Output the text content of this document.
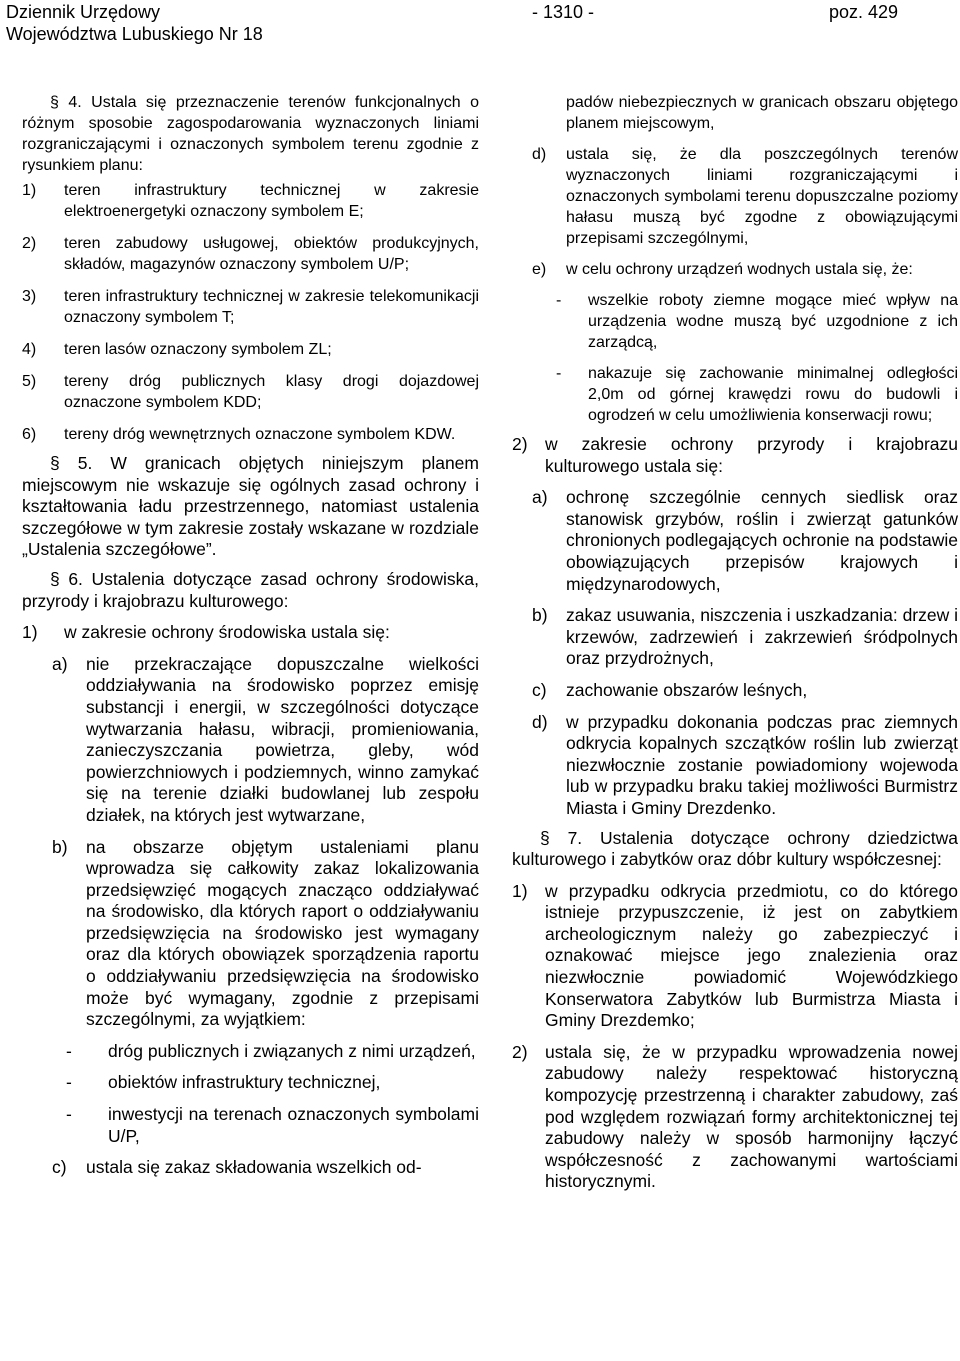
Dziennik Urzędowy
Województwa Lubuskiego Nr 18
- 1310 -	poz. 429

§ 4. Ustala się przeznaczenie terenów funkcjonalnych o różnym sposobie zagospodarowania wyznaczonych liniami rozgraniczającymi i oznaczonych symbolem terenu zgodnie z rysunkiem planu:

1)	teren infrastruktury technicznej w zakresie elektroenergetyki oznaczony symbolem E;
2)	teren zabudowy usługowej, obiektów produkcyjnych, składów, magazynów oznaczony symbolem U/P;
3)	teren infrastruktury technicznej w zakresie telekomunikacji oznaczony symbolem T;
4)	teren lasów oznaczony symbolem ZL;
5)	tereny dróg publicznych klasy drogi dojazdowej oznaczone symbolem KDD;
6)	tereny dróg wewnętrznych oznaczone symbolem KDW.

§ 5. W granicach objętych niniejszym planem miejscowym nie wskazuje się ogólnych zasad ochrony i kształtowania ładu przestrzennego, natomiast ustalenia szczegółowe w tym zakresie zostały wskazane w rozdziale „Ustalenia szczegółowe”.

§ 6. Ustalenia dotyczące zasad ochrony środowiska, przyrody i krajobrazu kulturowego:

1)	w zakresie ochrony środowiska ustala się:
a)	nie przekraczające dopuszczalne wielkości oddziaływania na środowisko poprzez emisję substancji i energii, w szczególności dotyczące wytwarzania hałasu, wibracji, promieniowania, zanieczyszczania powietrza, gleby, wód powierzchniowych i podziemnych, winno zamykać się na terenie działki budowlanej lub zespołu działek, na których jest wytwarzane,
b)	na obszarze objętym ustaleniami planu wprowadza się całkowity zakaz lokalizowania przedsięwzięć mogących znacząco oddziaływać na środowisko, dla których raport o oddziaływaniu przedsięwzięcia na środowisko jest wymagany oraz dla których obowiązek sporządzenia raportu o oddziaływaniu przedsięwzięcia na środowisko może być wymagany, zgodnie z przepisami szczególnymi, za wyjątkiem:
-	dróg publicznych i związanych z nimi urządzeń,
-	obiektów infrastruktury technicznej,
-	inwestycji na terenach oznaczonych symbolami U/P,
c)	ustala się zakaz składowania wszelkich od-

padów niebezpiecznych w granicach obszaru objętego planem miejscowym,

d)	ustala się, że dla poszczególnych terenów wyznaczonych liniami rozgraniczającymi i oznaczonych symbolami terenu dopuszczalne poziomy hałasu muszą być zgodne z obowiązującymi przepisami szczególnymi,
e)	w celu ochrony urządzeń wodnych ustala się, że:
-	wszelkie roboty ziemne mogące mieć wpływ na urządzenia wodne muszą być uzgodnione z ich zarządcą,
-	nakazuje się zachowanie minimalnej odległości 2,0m od górnej krawędzi rowu do budowli i ogrodzeń w celu umożliwienia konserwacji rowu;
2) w zakresie ochrony przyrody i krajobrazu kulturowego ustala się:
a)	ochronę szczególnie cennych siedlisk oraz stanowisk grzybów, roślin i zwierząt gatunków chronionych podlegających ochronie na podstawie obowiązujących przepisów krajowych i międzynarodowych,
b)	zakaz usuwania, niszczenia i uszkadzania: drzew i krzewów, zadrzewień i zakrzewień śródpolnych oraz przydrożnych,
c)	zachowanie obszarów leśnych,
d)	w przypadku dokonania podczas prac ziemnych odkrycia kopalnych szczątków roślin lub zwierząt niezwłocznie zostanie powiadomiony wojewoda lub w przypadku braku takiej możliwości Burmistrz Miasta i Gminy Drezdenko.

§ 7. Ustalenia dotyczące ochrony dziedzictwa kulturowego i zabytków oraz dóbr kultury współczesnej:

1) w przypadku odkrycia przedmiotu, co do którego istnieje przypuszczenie, iż jest on zabytkiem archeologicznym należy go zabezpieczyć i oznakować miejsce jego znalezienia oraz niezwłocznie powiadomić Wojewódzkiego Konserwatora Zabytków lub Burmistrza Miasta i Gminy Drezdemko;
2) ustala się, że w przypadku wprowadzenia nowej zabudowy należy respektować historyczną kompozycję przestrzenną i charakter zabudowy, zaś pod względem rozwiązań formy architektonicznej tej zabudowy należy w sposób harmonijny łączyć współczesność z zachowanymi wartościami historycznymi.
